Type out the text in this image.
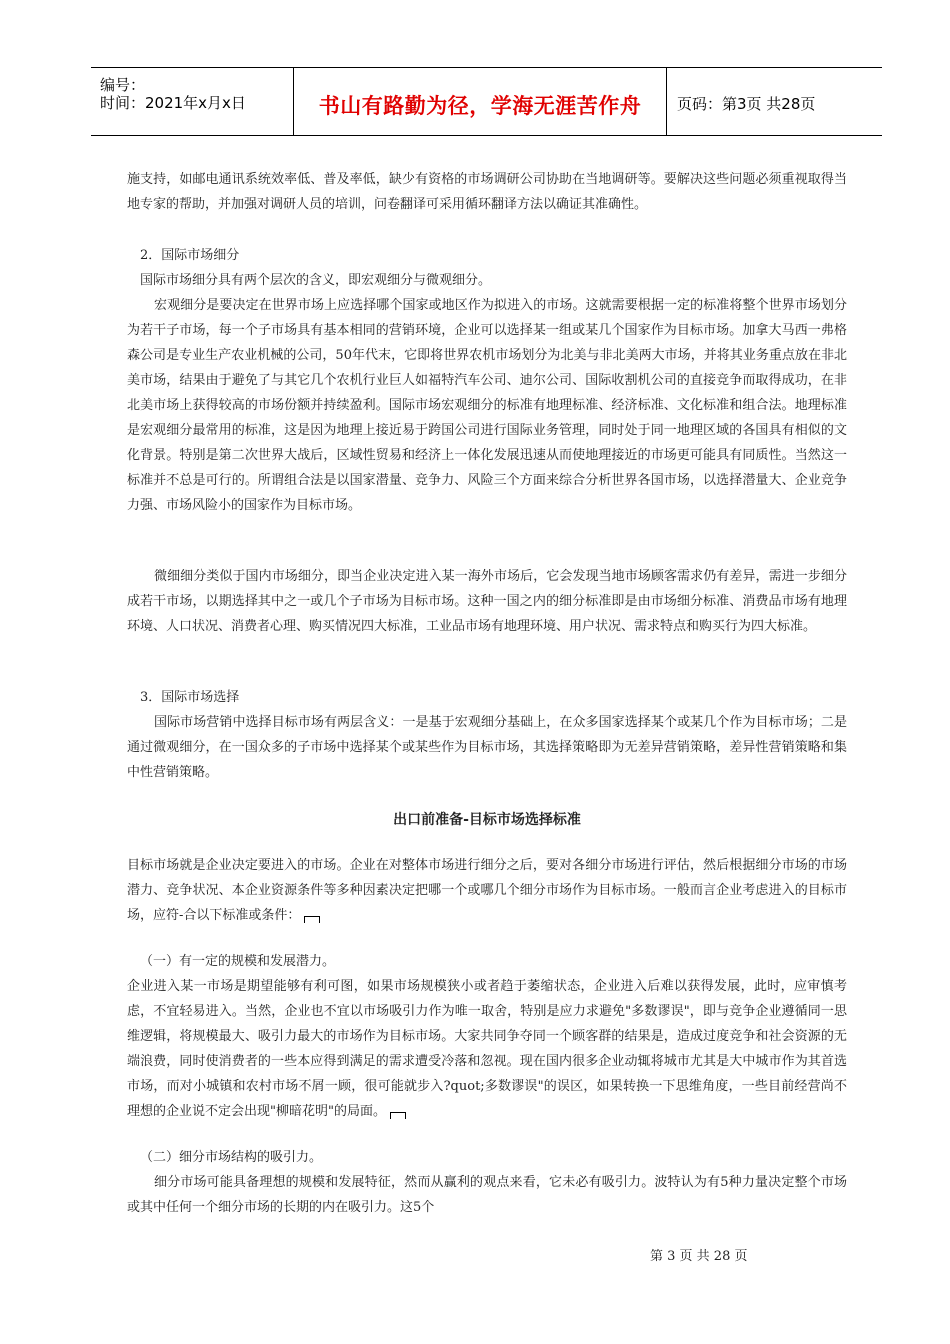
编号：
时间：2021年x月x日	书山有路勤为径，学海无涯苦作舟	页码：第3页 共28页

施支持，如邮电通讯系统效率低、普及率低，缺少有资格的市场调研公司协助在当地调研等。要解决这些问题必须重视取得当地专家的帮助，并加强对调研人员的培训，问卷翻译可采用循环翻译方法以确证其准确性。

2．国际市场细分

国际市场细分具有两个层次的含义，即宏观细分与微观细分。

宏观细分是要决定在世界市场上应选择哪个国家或地区作为拟进入的市场。这就需要根据一定的标准将整个世界市场划分为若干子市场，每一个子市场具有基本相同的营销环境，企业可以选择某一组或某几个国家作为目标市场。加拿大马西一弗格森公司是专业生产农业机械的公司，50年代末，它即将世界农机市场划分为北美与非北美两大市场，并将其业务重点放在非北美市场，结果由于避免了与其它几个农机行业巨人如福特汽车公司、迪尔公司、国际收割机公司的直接竞争而取得成功，在非北美市场上获得较高的市场份额并持续盈利。国际市场宏观细分的标准有地理标准、经济标准、文化标准和组合法。地理标准是宏观细分最常用的标准，这是因为地理上接近易于跨国公司进行国际业务管理，同时处于同一地理区域的各国具有相似的文化背景。特别是第二次世界大战后，区域性贸易和经济上一体化发展迅速从而使地理接近的市场更可能具有同质性。当然这一标准并不总是可行的。所谓组合法是以国家潜量、竞争力、风险三个方面来综合分析世界各国市场，以选择潜量大、企业竞争力强、市场风险小的国家作为目标市场。

微细细分类似于国内市场细分，即当企业决定进入某一海外市场后，它会发现当地市场顾客需求仍有差异，需进一步细分成若干市场，以期选择其中之一或几个子市场为目标市场。这种一国之内的细分标准即是由市场细分标准、消费品市场有地理环境、人口状况、消费者心理、购买情况四大标准，工业品市场有地理环境、用户状况、需求特点和购买行为四大标准。

3．国际市场选择

国际市场营销中选择目标市场有两层含义：一是基于宏观细分基础上，在众多国家选择某个或某几个作为目标市场；二是通过微观细分，在一国众多的子市场中选择某个或某些作为目标市场，其选择策略即为无差异营销策略，差异性营销策略和集中性营销策略。

出口前准备-目标市场选择标准

目标市场就是企业决定要进入的市场。企业在对整体市场进行细分之后，要对各细分市场进行评估，然后根据细分市场的市场潜力、竞争状况、本企业资源条件等多种因素决定把哪一个或哪几个细分市场作为目标市场。一般而言企业考虑进入的目标市场，应符-合以下标准或条件：

（一）有一定的规模和发展潜力。

企业进入某一市场是期望能够有利可图，如果市场规模狭小或者趋于萎缩状态，企业进入后难以获得发展，此时，应审慎考虑，不宜轻易进入。当然，企业也不宜以市场吸引力作为唯一取舍，特别是应力求避免"多数谬误"，即与竞争企业遵循同一思维逻辑，将规模最大、吸引力最大的市场作为目标市场。大家共同争夺同一个顾客群的结果是，造成过度竞争和社会资源的无端浪费，同时使消费者的一些本应得到满足的需求遭受冷落和忽视。现在国内很多企业动辄将城市尤其是大中城市作为其首选市场，而对小城镇和农村市场不屑一顾，很可能就步入?quot;多数谬误"的误区，如果转换一下思维角度，一些目前经营尚不理想的企业说不定会出现"柳暗花明"的局面。

（二）细分市场结构的吸引力。

细分市场可能具备理想的规模和发展特征，然而从赢利的观点来看，它未必有吸引力。波特认为有5种力量决定整个市场或其中任何一个细分市场的长期的内在吸引力。这5个

第 3 页 共 28 页
